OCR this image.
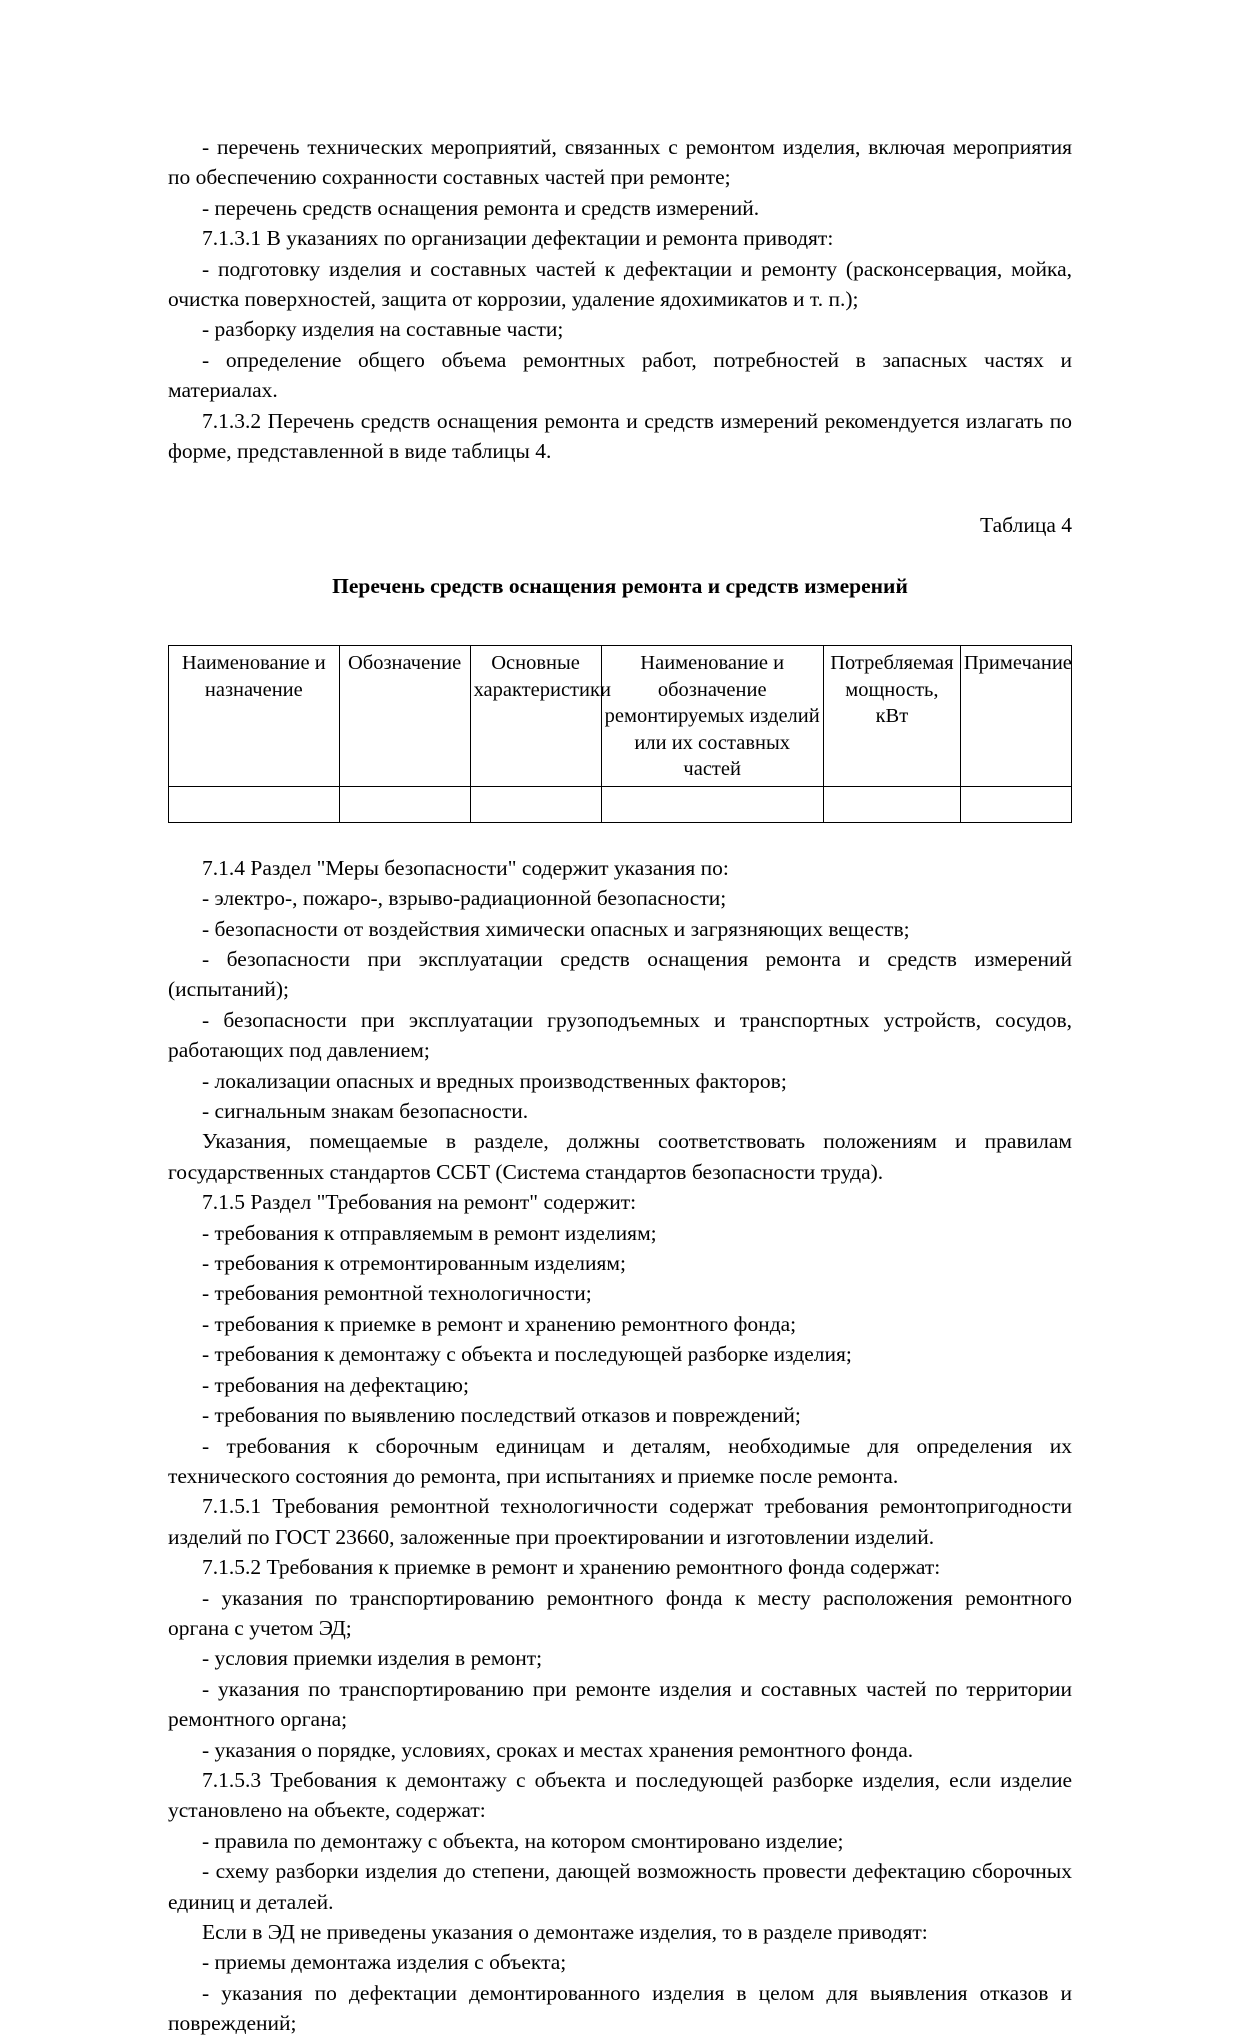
- перечень технических мероприятий, связанных с ремонтом изделия, включая мероприятия по обеспечению сохранности составных частей при ремонте;

- перечень средств оснащения ремонта и средств измерений.

7.1.3.1 В указаниях по организации дефектации и ремонта приводят:

- подготовку изделия и составных частей к дефектации и ремонту (расконсервация, мойка, очистка поверхностей, защита от коррозии, удаление ядохимикатов и т. п.);

- разборку изделия на составные части;

- определение общего объема ремонтных работ, потребностей в запасных частях и материалах.

7.1.3.2 Перечень средств оснащения ремонта и средств измерений рекомендуется излагать по форме, представленной в виде таблицы 4.

Таблица 4

Перечень средств оснащения ремонта и средств измерений

Наименование и назначение	Обозначение	Основные характеристики	Наименование и обозначение ремонтируемых изделий или их составных частей	Потребляемая мощность, кВт	Примечание

7.1.4 Раздел "Меры безопасности" содержит указания по:

- электро-, пожаро-, взрыво-радиационной безопасности;

- безопасности от воздействия химически опасных и загрязняющих веществ;

- безопасности при эксплуатации средств оснащения ремонта и средств измерений (испытаний);

- безопасности при эксплуатации грузоподъемных и транспортных устройств, сосудов, работающих под давлением;

- локализации опасных и вредных производственных факторов;

- сигнальным знакам безопасности.

Указания, помещаемые в разделе, должны соответствовать положениям и правилам государственных стандартов ССБТ (Система стандартов безопасности труда).

7.1.5 Раздел "Требования на ремонт" содержит:

- требования к отправляемым в ремонт изделиям;

- требования к отремонтированным изделиям;

- требования ремонтной технологичности;

- требования к приемке в ремонт и хранению ремонтного фонда;

- требования к демонтажу с объекта и последующей разборке изделия;

- требования на дефектацию;

- требования по выявлению последствий отказов и повреждений;

- требования к сборочным единицам и деталям, необходимые для определения их технического состояния до ремонта, при испытаниях и приемке после ремонта.

7.1.5.1 Требования ремонтной технологичности содержат требования ремонтопригодности изделий по ГОСТ 23660, заложенные при проектировании и изготовлении изделий.

7.1.5.2 Требования к приемке в ремонт и хранению ремонтного фонда содержат:

- указания по транспортированию ремонтного фонда к месту расположения ремонтного органа с учетом ЭД;

- условия приемки изделия в ремонт;

- указания по транспортированию при ремонте изделия и составных частей по территории ремонтного органа;

- указания о порядке, условиях, сроках и местах хранения ремонтного фонда.

7.1.5.3 Требования к демонтажу с объекта и последующей разборке изделия, если изделие установлено на объекте, содержат:

- правила по демонтажу с объекта, на котором смонтировано изделие;

- схему разборки изделия до степени, дающей возможность провести дефектацию сборочных единиц и деталей.

Если в ЭД не приведены указания о демонтаже изделия, то в разделе приводят:

- приемы демонтажа изделия с объекта;

- указания по дефектации демонтированного изделия в целом для выявления отказов и повреждений;
